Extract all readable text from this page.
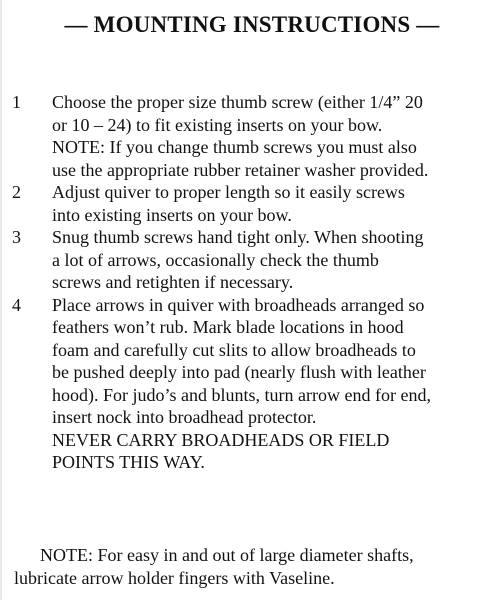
— MOUNTING INSTRUCTIONS —
1	Choose the proper size thumb screw (either 1/4” 20
or 10 – 24) to fit existing inserts on your bow.
NOTE: If you change thumb screws you must also
use the appropriate rubber retainer washer provided.
2	Adjust quiver to proper length so it easily screws
into existing inserts on your bow.
3	Snug thumb screws hand tight only. When shooting
a lot of arrows, occasionally check the thumb
screws and retighten if necessary.
4	Place arrows in quiver with broadheads arranged so
feathers won’t rub. Mark blade locations in hood
foam and carefully cut slits to allow broadheads to
be pushed deeply into pad (nearly flush with leather
hood). For judo’s and blunts, turn arrow end for end,
insert nock into broadhead protector.
NEVER CARRY BROADHEADS OR FIELD
POINTS THIS WAY.
NOTE: For easy in and out of large diameter shafts,
lubricate arrow holder fingers with Vaseline.
